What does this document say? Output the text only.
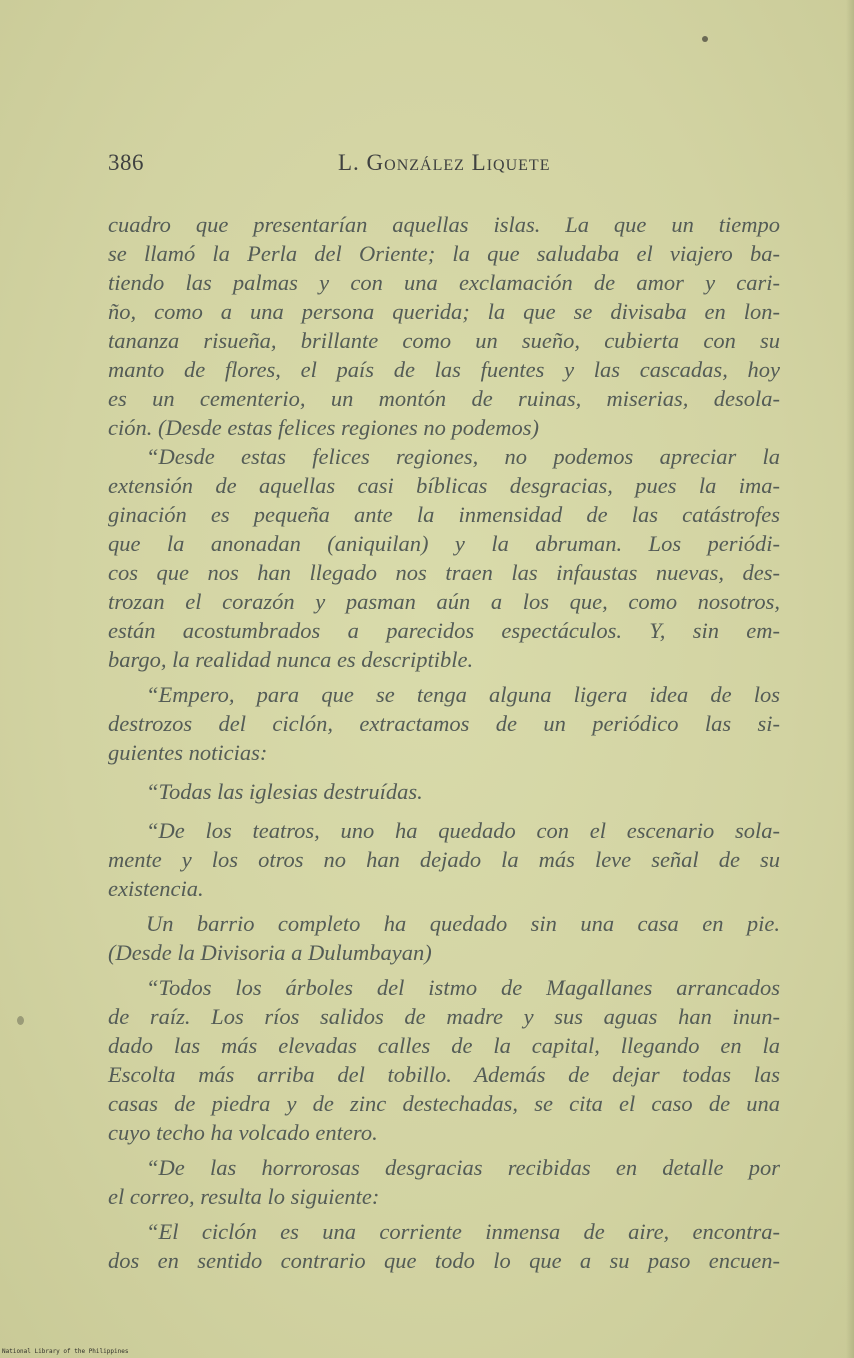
386	L. González Liquete
cuadro que presentarían aquellas islas. La que un tiempo
se llamó la Perla del Oriente; la que saludaba el viajero ba-
tiendo las palmas y con una exclamación de amor y cari-
ño, como a una persona querida; la que se divisaba en lon-
tananza risueña, brillante como un sueño, cubierta con su
manto de flores, el país de las fuentes y las cascadas, hoy
es un cementerio, un montón de ruinas, miserias, desola-
ción. (Desde estas felices regiones no podemos)
“Desde estas felices regiones, no podemos apreciar la
extensión de aquellas casi bíblicas desgracias, pues la ima-
ginación es pequeña ante la inmensidad de las catástrofes
que la anonadan (aniquilan) y la abruman. Los periódi-
cos que nos han llegado nos traen las infaustas nuevas, des-
trozan el corazón y pasman aún a los que, como nosotros,
están acostumbrados a parecidos espectáculos. Y, sin em-
bargo, la realidad nunca es descriptible.
“Empero, para que se tenga alguna ligera idea de los
destrozos del ciclón, extractamos de un periódico las si-
guientes noticias:
“Todas las iglesias destruídas.
“De los teatros, uno ha quedado con el escenario sola-
mente y los otros no han dejado la más leve señal de su
existencia.
Un barrio completo ha quedado sin una casa en pie.
(Desde la Divisoria a Dulumbayan)
“Todos los árboles del istmo de Magallanes arrancados
de raíz. Los ríos salidos de madre y sus aguas han inun-
dado las más elevadas calles de la capital, llegando en la
Escolta más arriba del tobillo. Además de dejar todas las
casas de piedra y de zinc destechadas, se cita el caso de una
cuyo techo ha volcado entero.
“De las horrorosas desgracias recibidas en detalle por
el correo, resulta lo siguiente:
“El ciclón es una corriente inmensa de aire, encontra-
dos en sentido contrario que todo lo que a su paso encuen-
National Library of the Philippines
